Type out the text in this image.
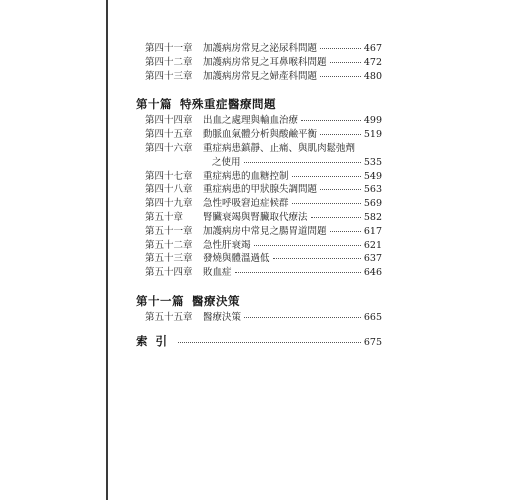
第四十一章	加護病房常見之泌尿科問題	467
第四十二章	加護病房常見之耳鼻喉科問題	472
第四十三章	加護病房常見之婦產科問題	480
第十篇 特殊重症醫療問題
第四十四章	出血之處理與輸血治療	499
第四十五章	動脈血氣體分析與酸鹼平衡	519
第四十六章	重症病患鎮靜、止痛、與肌肉鬆弛劑
之使用	535
第四十七章	重症病患的血糖控制	549
第四十八章	重症病患的甲狀腺失調問題	563
第四十九章	急性呼吸窘迫症候群	569
第五十章	腎臟衰竭與腎臟取代療法	582
第五十一章	加護病房中常見之腸胃道問題	617
第五十二章	急性肝衰竭	621
第五十三章	發燒與體溫過低	637
第五十四章	敗血症	646
第十一篇 醫療決策
第五十五章	醫療決策	665
索引	675
